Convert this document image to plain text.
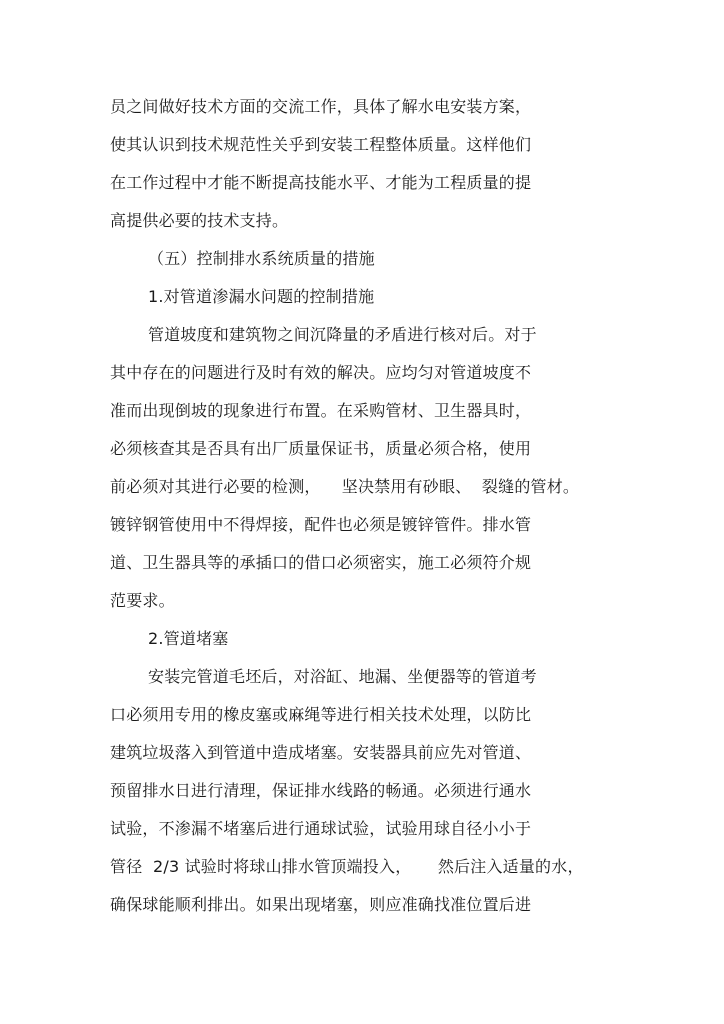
员之间做好技术方面的交流工作，具体了解水电安装方案，
使其认识到技术规范性关乎到安装工程整体质量。这样他们
在工作过程中才能不断提高技能水平、才能为工程质量的提
高提供必要的技术支持。
（五）控制排水系统质量的措施
1.对管道渗漏水问题的控制措施
管道坡度和建筑物之间沉降量的矛盾进行核对后。对于
其中存在的问题进行及时有效的解决。应均匀对管道坡度不
准而出现倒坡的现象进行布置。在采购管材、卫生器具时，
必须核查其是否具有出厂质量保证书，质量必须合格，使用
前必须对其进行必要的检测，    坚决禁用有砂眼、  裂缝的管材。
镀锌钢管使用中不得焊接，配件也必须是镀锌管件。排水管
道、卫生器具等的承插口的借口必须密实，施工必须符介规
范要求。
2.管道堵塞
安装完管道毛坯后，对浴缸、地漏、坐便器等的管道考
口必须用专用的橡皮塞或麻绳等进行相关技术处理，以防比
建筑垃圾落入到管道中造成堵塞。安装器具前应先对管道、
预留排水日进行清理，保证排水线路的畅通。必须进行通水
试验，不渗漏不堵塞后进行通球试验，试验用球自径小小于
管径  2/3 试验时将球山排水管顶端投入，     然后注入适量的水，
确保球能顺利排出。如果出现堵塞，则应准确找准位置后进
